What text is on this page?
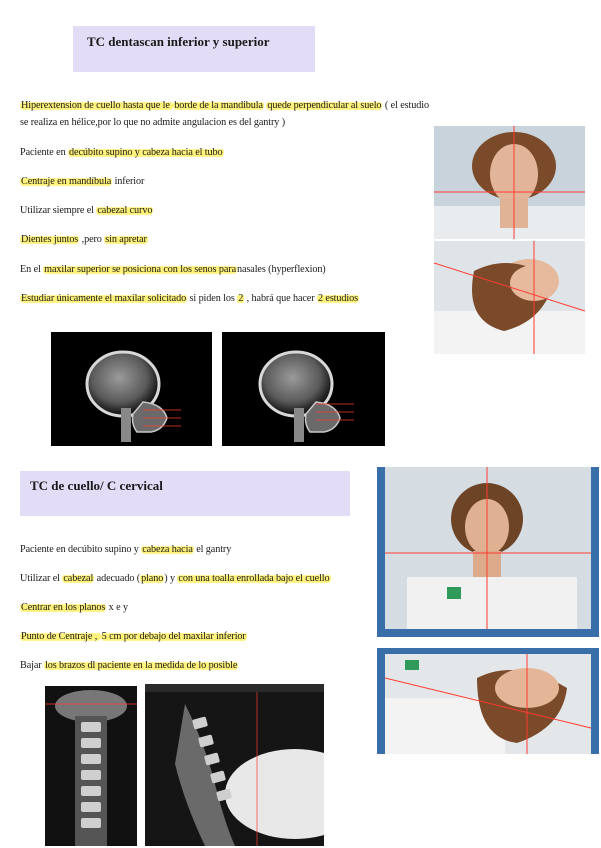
TC dentascan inferior y superior
Hiperextension de cuello hasta que le borde de la mandibula quede perpendicular al suelo ( el estudio
se realiza en hélice,por lo que no admite angulacion es del gantry )
Paciente en decúbito supino y cabeza hacia el tubo
Centraje en mandíbula inferior
Utilizar siempre el cabezal curvo
Dientes juntos ,pero sin apretar
En el maxilar superior se posiciona con los senos paranasales (hyperflexion)
Estudiar únicamente el maxilar solicitado si piden los 2 , habrá que hacer 2 estudios
TC de cuello/ C cervical
Paciente en decúbito supino y cabeza hacia el gantry
Utilizar el cabezal adecuado (plano) y con una toalla enrollada bajo el cuello
Centrar en los planos x e y
Punto de Centraje , 5 cm por debajo del maxilar inferior
Bajar los brazos dl paciente en la medida de lo posible
